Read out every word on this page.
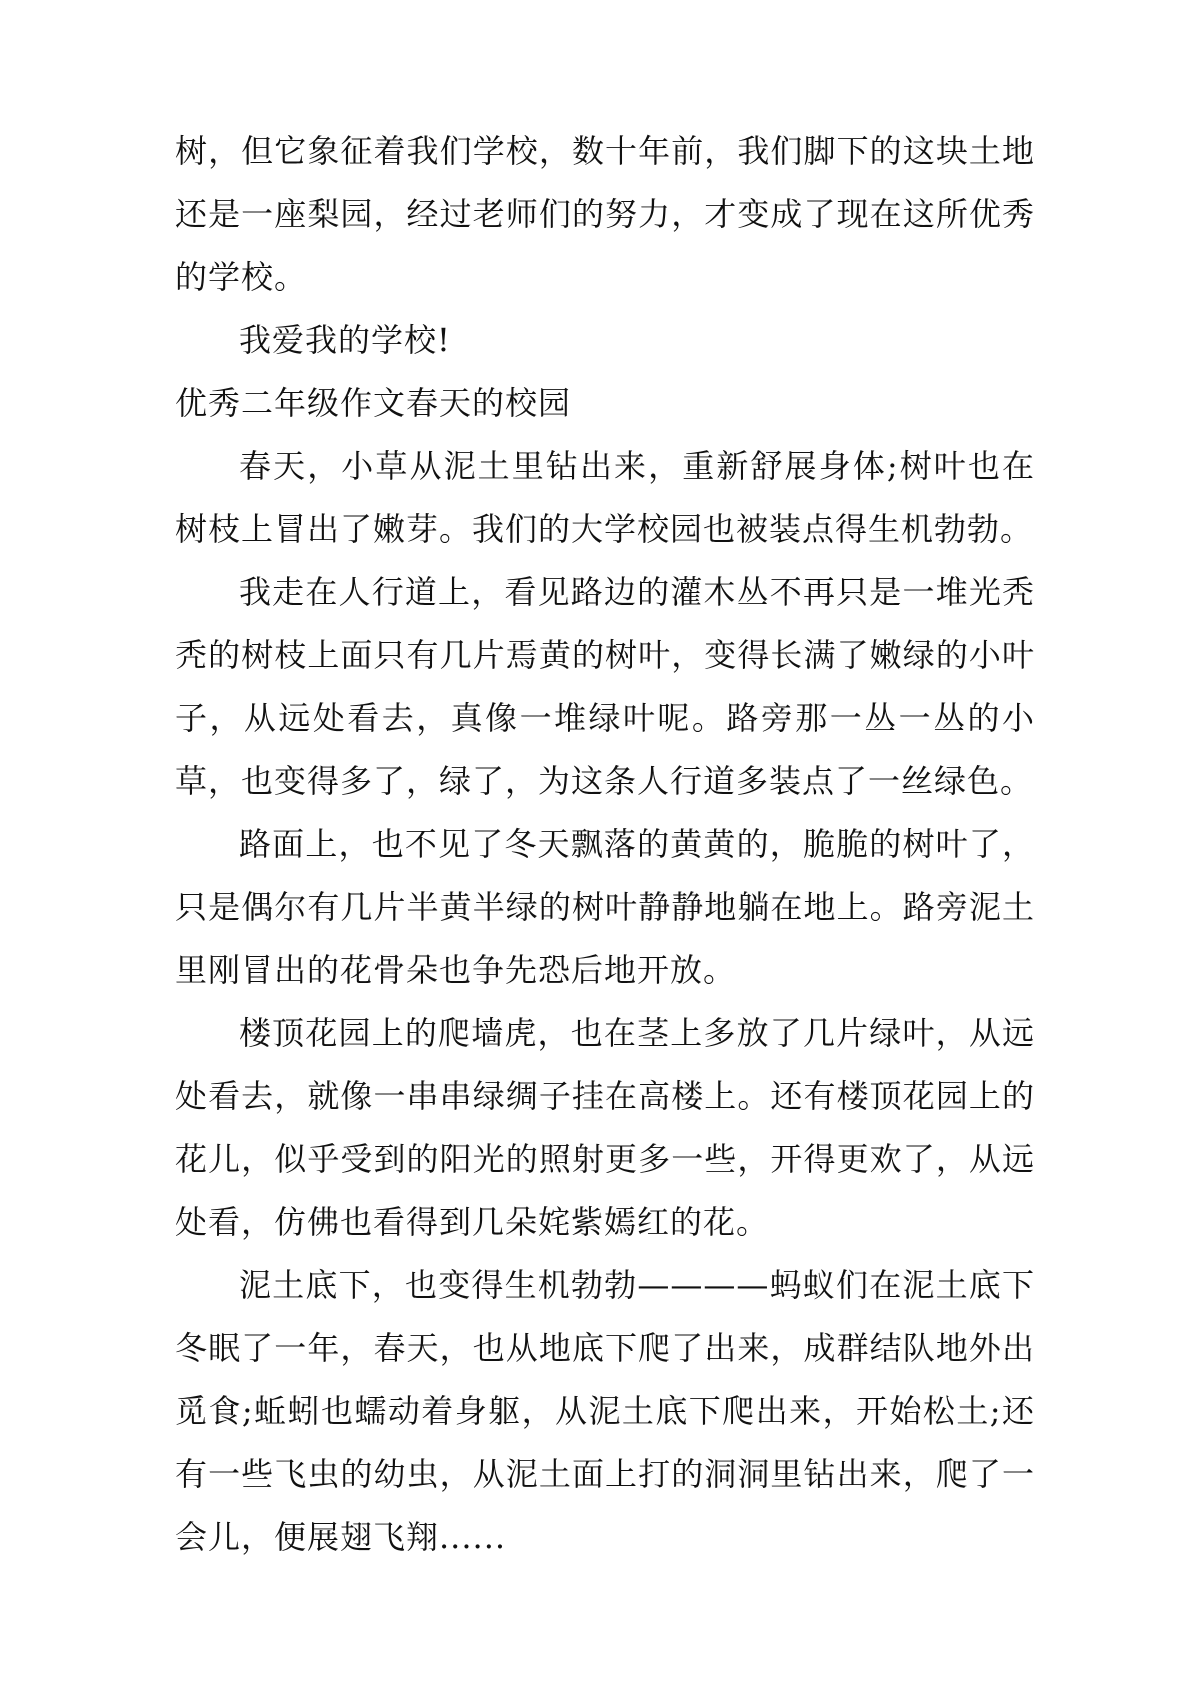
树，但它象征着我们学校，数十年前，我们脚下的这块土地还是一座梨园，经过老师们的努力，才变成了现在这所优秀的学校。

我爱我的学校!

优秀二年级作文春天的校园

春天，小草从泥土里钻出来，重新舒展身体;树叶也在树枝上冒出了嫩芽。我们的大学校园也被装点得生机勃勃。

我走在人行道上，看见路边的灌木丛不再只是一堆光秃秃的树枝上面只有几片焉黄的树叶，变得长满了嫩绿的小叶子，从远处看去，真像一堆绿叶呢。路旁那一丛一丛的小草，也变得多了，绿了，为这条人行道多装点了一丝绿色。

路面上，也不见了冬天飘落的黄黄的，脆脆的树叶了，只是偶尔有几片半黄半绿的树叶静静地躺在地上。路旁泥土里刚冒出的花骨朵也争先恐后地开放。

楼顶花园上的爬墙虎，也在茎上多放了几片绿叶，从远处看去，就像一串串绿绸子挂在高楼上。还有楼顶花园上的花儿，似乎受到的阳光的照射更多一些，开得更欢了，从远处看，仿佛也看得到几朵姹紫嫣红的花。

泥土底下，也变得生机勃勃————蚂蚁们在泥土底下冬眠了一年，春天，也从地底下爬了出来，成群结队地外出觅食;蚯蚓也蠕动着身躯，从泥土底下爬出来，开始松土;还有一些飞虫的幼虫，从泥土面上打的洞洞里钻出来，爬了一会儿，便展翅飞翔......
